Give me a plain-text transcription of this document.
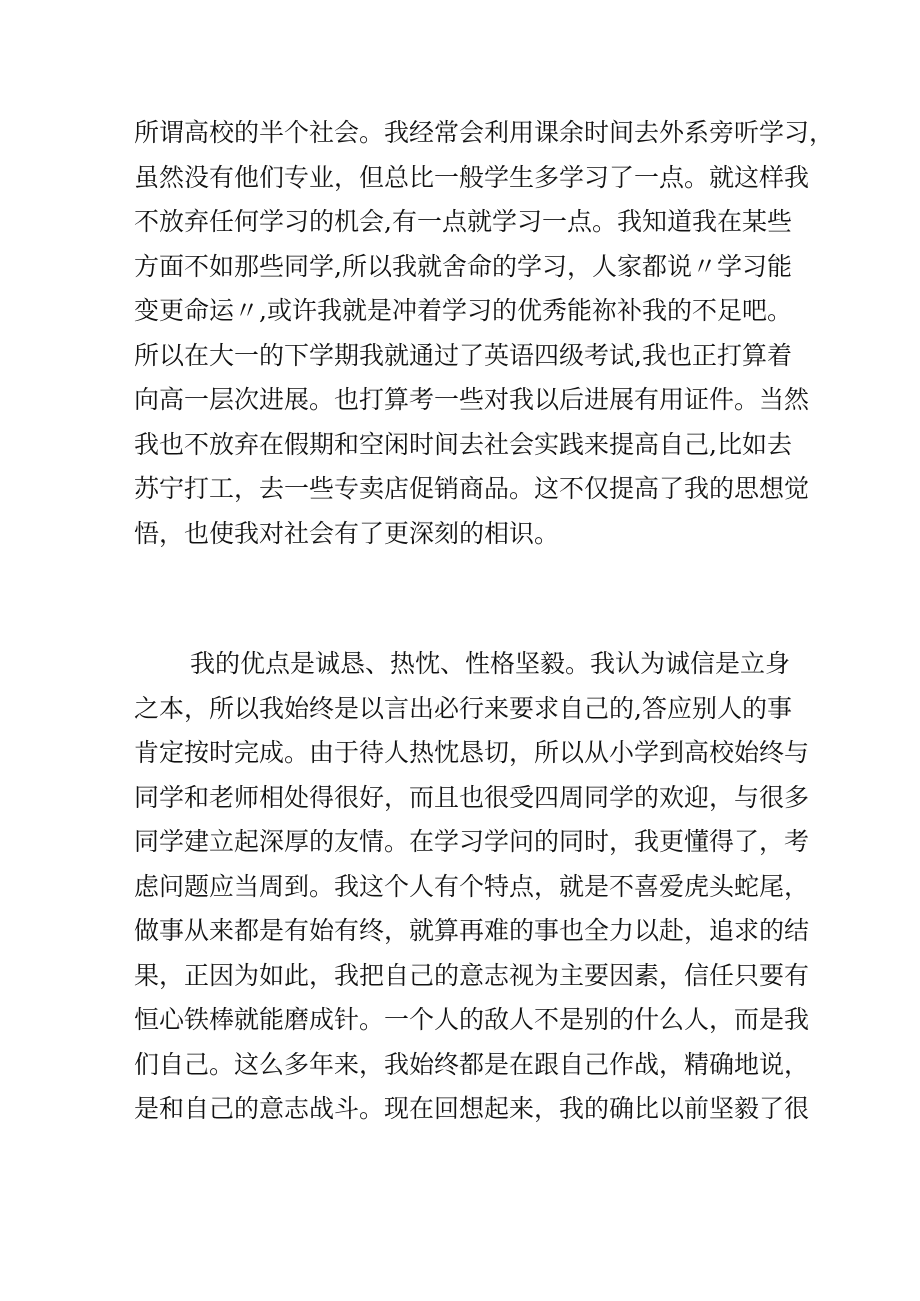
所谓高校的半个社会。我经常会利用课余时间去外系旁听学习，
虽然没有他们专业，但总比一般学生多学习了一点。就这样我
不放弃任何学习的机会,有一点就学习一点。我知道我在某些
方面不如那些同学,所以我就舍命的学习，人家都说〃学习能
变更命运〃,或许我就是冲着学习的优秀能祢补我的不足吧。
所以在大一的下学期我就通过了英语四级考试,我也正打算着
向高一层次进展。也打算考一些对我以后进展有用证件。当然
我也不放弃在假期和空闲时间去社会实践来提高自己,比如去
苏宁打工，去一些专卖店促销商品。这不仅提高了我的思想觉
悟，也使我对社会有了更深刻的相识。
我的优点是诚恳、热忱、性格坚毅。我认为诚信是立身
之本，所以我始终是以言出必行来要求自己的,答应别人的事
肯定按时完成。由于待人热忱恳切，所以从小学到高校始终与
同学和老师相处得很好，而且也很受四周同学的欢迎，与很多
同学建立起深厚的友情。在学习学问的同时，我更懂得了，考
虑问题应当周到。我这个人有个特点，就是不喜爱虎头蛇尾，
做事从来都是有始有终，就算再难的事也全力以赴，追求的结
果，正因为如此，我把自己的意志视为主要因素，信任只要有
恒心铁棒就能磨成针。一个人的敌人不是别的什么人，而是我
们自己。这么多年来，我始终都是在跟自己作战，精确地说，
是和自己的意志战斗。现在回想起来，我的确比以前坚毅了很
